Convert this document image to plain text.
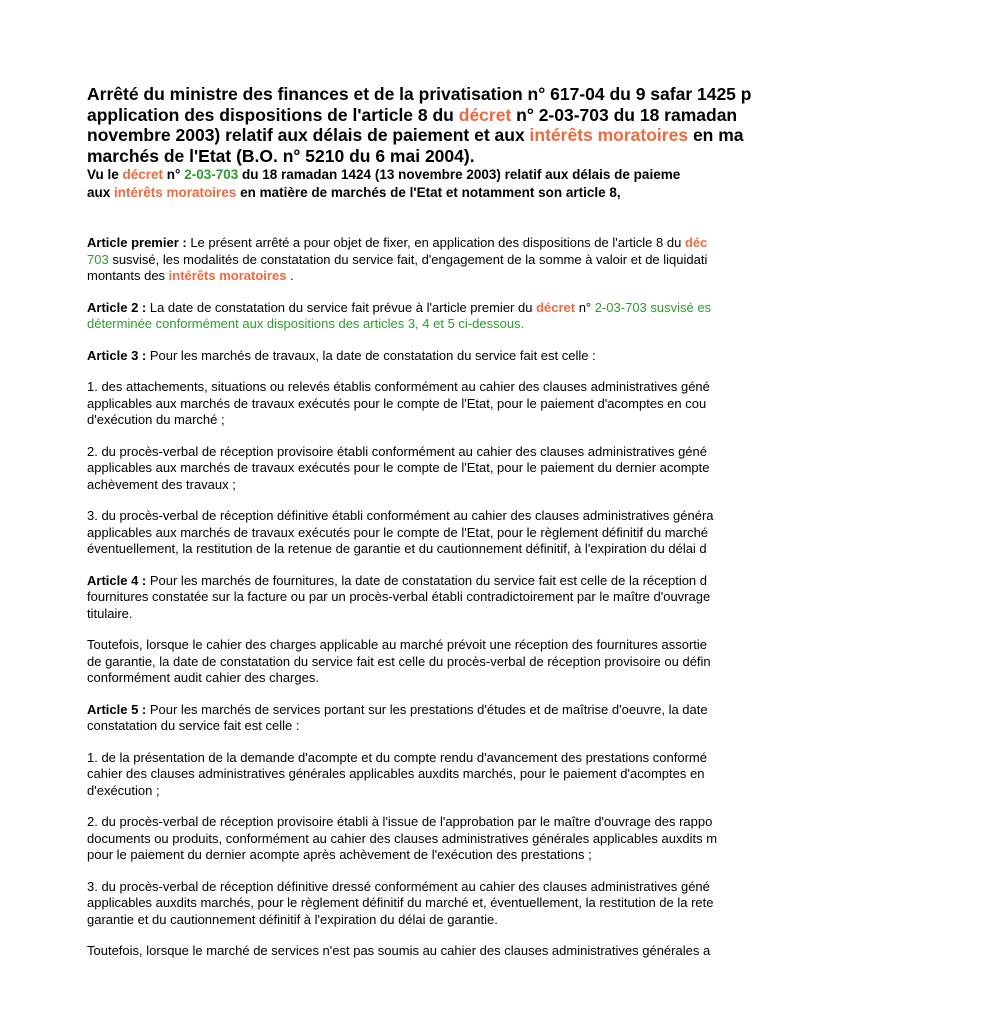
Arrêté du ministre des finances et de la privatisation n° 617-04 du 9 safar 1425 p
application des dispositions de l'article 8 du décret n° 2-03-703 du 18 ramadan
novembre 2003) relatif aux délais de paiement et aux intérêts moratoires en ma
marchés de l'Etat (B.O. n° 5210 du 6 mai 2004).

Vu le décret n° 2-03-703 du 18 ramadan 1424 (13 novembre 2003) relatif aux délais de paieme
aux intérêts moratoires en matière de marchés de l'Etat et notamment son article 8,

Article premier : Le présent arrêté a pour objet de fixer, en application des dispositions de l'article 8 du déc
703 susvisé, les modalités de constatation du service fait, d'engagement de la somme à valoir et de liquidati
montants des intérêts moratoires .

Article 2 : La date de constatation du service fait prévue à l'article premier du décret n° 2-03-703 susvisé es
déterminée conformément aux dispositions des articles 3, 4 et 5 ci-dessous.

Article 3 : Pour les marchés de travaux, la date de constatation du service fait est celle :

1. des attachements, situations ou relevés établis conformément au cahier des clauses administratives géné
applicables aux marchés de travaux exécutés pour le compte de l'Etat, pour le paiement d'acomptes en cou
d'exécution du marché ;

2. du procès-verbal de réception provisoire établi conformément au cahier des clauses administratives géné
applicables aux marchés de travaux exécutés pour le compte de l'Etat, pour le paiement du dernier acompte
achèvement des travaux ;

3. du procès-verbal de réception définitive établi conformément au cahier des clauses administratives généra
applicables aux marchés de travaux exécutés pour le compte de l'Etat, pour le règlement définitif du marché
éventuellement, la restitution de la retenue de garantie et du cautionnement définitif, à l'expiration du délai d

Article 4 : Pour les marchés de fournitures, la date de constatation du service fait est celle de la réception d
fournitures constatée sur la facture ou par un procès-verbal établi contradictoirement par le maître d'ouvrage
titulaire.

Toutefois, lorsque le cahier des charges applicable au marché prévoit une réception des fournitures assortie
de garantie, la date de constatation du service fait est celle du procès-verbal de réception provisoire ou défin
conformément audit cahier des charges.

Article 5 : Pour les marchés de services portant sur les prestations d'études et de maîtrise d'oeuvre, la date
constatation du service fait est celle :

1. de la présentation de la demande d'acompte et du compte rendu d'avancement des prestations conformé
cahier des clauses administratives générales applicables auxdits marchés, pour le paiement d'acomptes en
d'exécution ;

2. du procès-verbal de réception provisoire établi à l'issue de l'approbation par le maître d'ouvrage des rappo
documents ou produits, conformément au cahier des clauses administratives générales applicables auxdits m
pour le paiement du dernier acompte après achèvement de l'exécution des prestations ;

3. du procès-verbal de réception définitive dressé conformément au cahier des clauses administratives géné
applicables auxdits marchés, pour le règlement définitif du marché et, éventuellement, la restitution de la rete
garantie et du cautionnement définitif à l'expiration du délai de garantie.

Toutefois, lorsque le marché de services n'est pas soumis au cahier des clauses administratives générales a
